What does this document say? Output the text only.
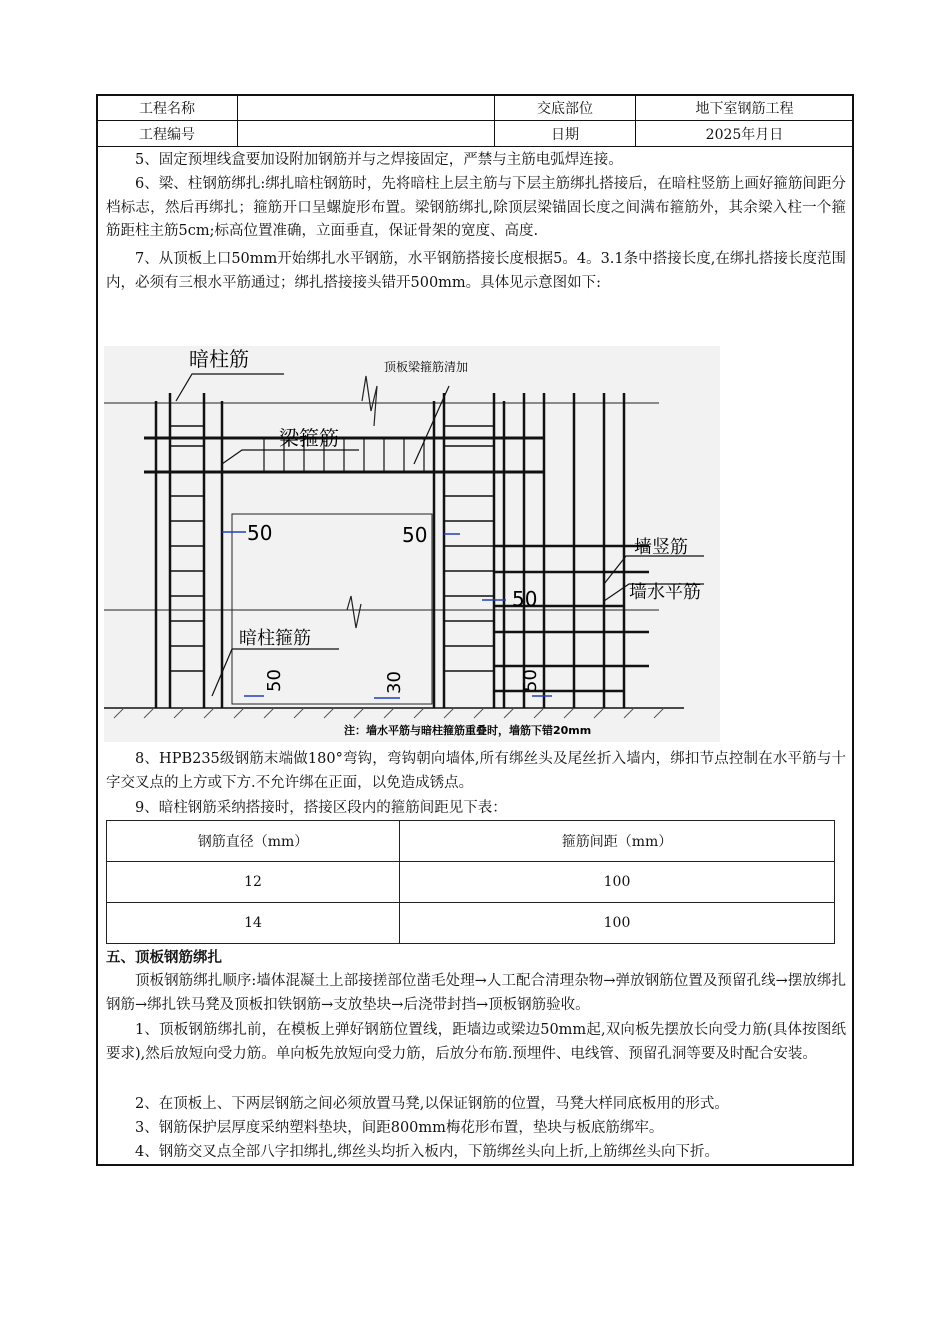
工程名称		交底部位	地下室钢筋工程
工程编号		日期	2025年月日

5、固定预埋线盒要加设附加钢筋并与之焊接固定，严禁与主筋电弧焊连接。

6、梁、柱钢筋绑扎:绑扎暗柱钢筋时，先将暗柱上层主筋与下层主筋绑扎搭接后，在暗柱竖筋上画好箍筋间距分档标志，然后再绑扎；箍筋开口呈螺旋形布置。梁钢筋绑扎,除顶层梁锚固长度之间满布箍筋外，其余梁入柱一个箍筋距柱主筋5cm;标高位置准确，立面垂直，保证骨架的宽度、高度.

7、从顶板上口50mm开始绑扎水平钢筋，水平钢筋搭接长度根据5。4。3.1条中搭接长度,在绑扎搭接长度范围内，必须有三根水平筋通过；绑扎搭接接头错开500mm。具体见示意图如下:

暗柱筋	顶板梁箍筋清加
梁箍筋
墙竖筋
墙水平筋
暗柱箍筋
50	50
50
50	30	50
注：墙水平筋与暗柱箍筋重叠时，墙筋下错20mm

8、HPB235级钢筋末端做180°弯钩，弯钩朝向墙体,所有绑丝头及尾丝折入墙内，绑扣节点控制在水平筋与十字交叉点的上方或下方.不允许绑在正面，以免造成锈点。

9、暗柱钢筋采纳搭接时，搭接区段内的箍筋间距见下表：

钢筋直径（mm）	箍筋间距（mm）
12	100
14	100

五、顶板钢筋绑扎

顶板钢筋绑扎顺序:墙体混凝土上部接搓部位凿毛处理→人工配合清理杂物→弹放钢筋位置及预留孔线→摆放绑扎钢筋→绑扎铁马凳及顶板扣铁钢筋→支放垫块→后浇带封挡→顶板钢筋验收。

1、顶板钢筋绑扎前，在模板上弹好钢筋位置线，距墙边或梁边50mm起,双向板先摆放长向受力筋(具体按图纸要求),然后放短向受力筋。单向板先放短向受力筋，后放分布筋.预埋件、电线管、预留孔洞等要及时配合安装。

2、在顶板上、下两层钢筋之间必须放置马凳,以保证钢筋的位置，马凳大样同底板用的形式。

3、钢筋保护层厚度采纳塑料垫块，间距800mm梅花形布置，垫块与板底筋绑牢。

4、钢筋交叉点全部八字扣绑扎,绑丝头均折入板内，下筋绑丝头向上折,上筋绑丝头向下折。
